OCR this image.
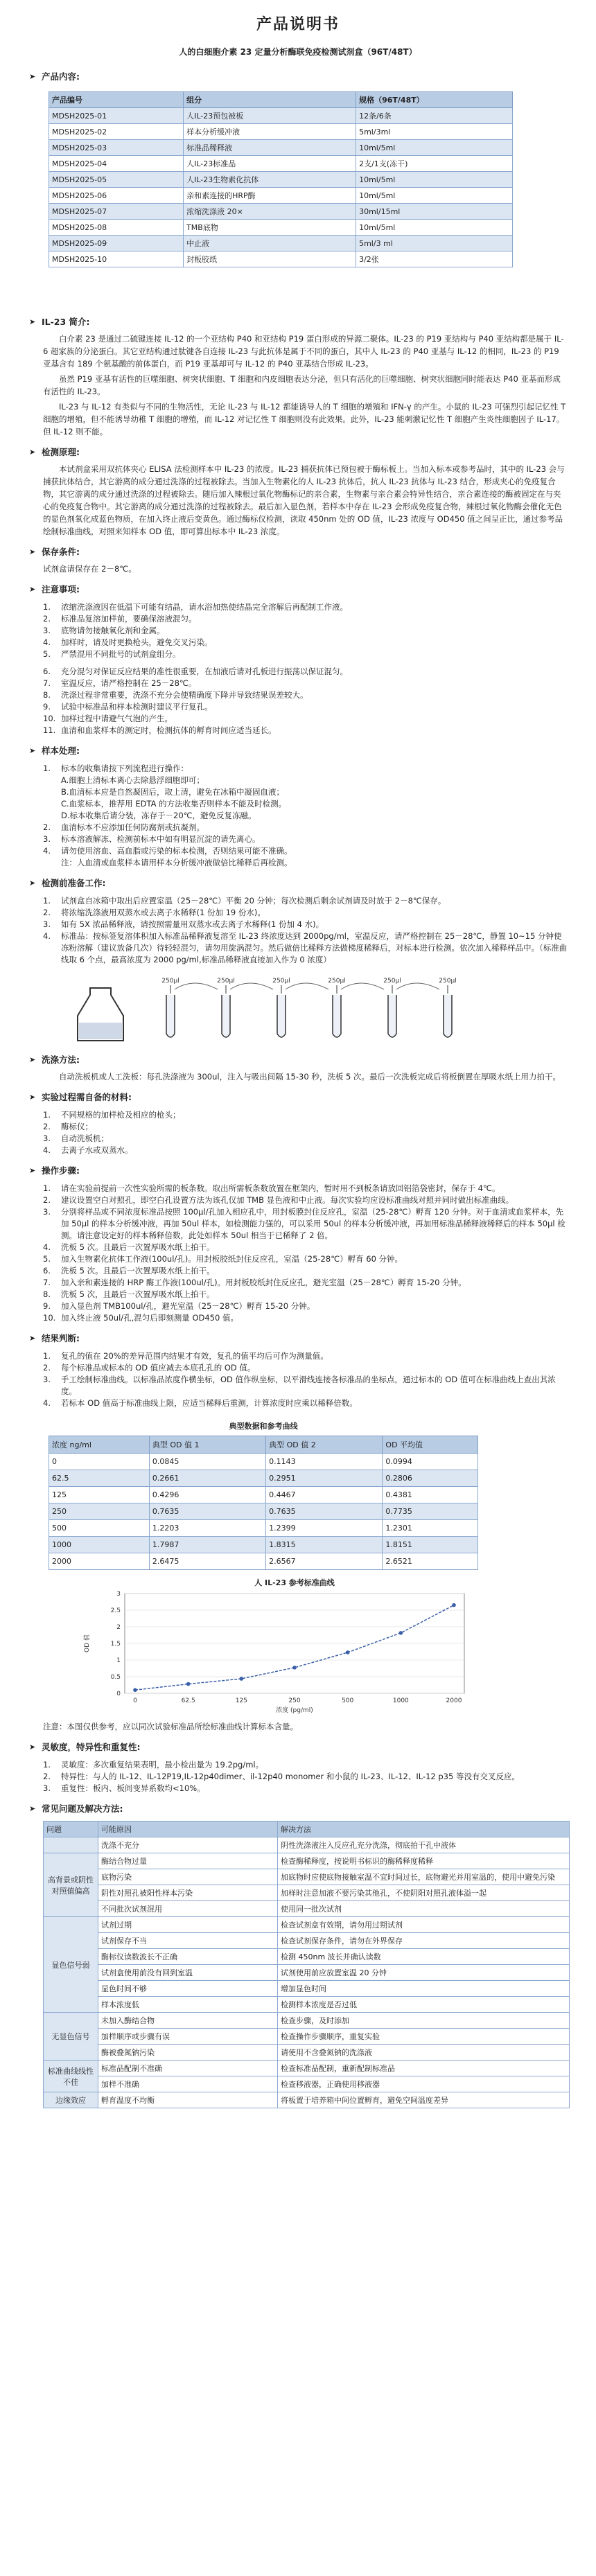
产品说明书
人的白细胞介素 23 定量分析酶联免疫检测试剂盒（96T/48T）
➤ 产品内容:
产品编号	组分	规格（96T/48T）
MDSH2025-01	人IL-23预包被板	12条/6条
MDSH2025-02	样本分析缓冲液	5ml/3ml
MDSH2025-03	标准品稀释液	10ml/5ml
MDSH2025-04	人IL-23标准品	2支/1支(冻干)
MDSH2025-05	人IL-23生物素化抗体	10ml/5ml
MDSH2025-06	亲和素连接的HRP酶	10ml/5ml
MDSH2025-07	浓缩洗涤液 20×	30ml/15ml
MDSH2025-08	TMB底物	10ml/5ml
MDSH2025-09	中止液	5ml/3 ml
MDSH2025-10	封板胶纸	3/2张
➤ IL-23 简介:

白介素 23 是通过二硫键连接 IL-12 的一个亚结构 P40 和亚结构 P19 蛋白形成的异源二聚体。IL-23 的 P19 亚结构与 P40 亚结构都是属于 IL-6 超家族的分泌蛋白。其它亚结构通过肽键各自连接 IL-23 与此抗体是属于不同的蛋白，其中人 IL-23 的 P40 亚基与 IL-12 的相同，IL-23 的 P19 亚基含有 189 个氨基酸的前体蛋白，而 P19 亚基却可与 IL-12 的 P40 亚基结合形成 IL-23。

虽然 P19 亚基有活性的巨噬细胞、树突状细胞、T 细胞和内皮细胞表达分泌，但只有活化的巨噬细胞、树突状细胞同时能表达 P40 亚基而形成有活性的 IL-23。

IL-23 与 IL-12 有类似与不同的生物活性，无论 IL-23 与 IL-12 都能诱导人的 T 细胞的增殖和 IFN-γ 的产生。小鼠的 IL-23 可强烈引起记忆性 T 细胞的增殖，但不能诱导幼稚 T 细胞的增殖，而 IL-12 对记忆性 T 细胞则没有此效果。此外，IL-23 能刺激记忆性 T 细胞产生炎性细胞因子 IL-17。但 IL-12 则不能。

➤ 检测原理:

本试剂盒采用双抗体夹心 ELISA 法检测样本中 IL-23 的浓度。IL-23 捕获抗体已预包被于酶标板上。当加入标本或参考品时，其中的 IL-23 会与捕获抗体结合，其它游离的成分通过洗涤的过程被除去。当加入生物素化的人 IL-23 抗体后，抗人 IL-23 抗体与 IL-23 结合，形成夹心的免疫复合物，其它游离的成分通过洗涤的过程被除去。随后加入辣根过氧化物酶标记的亲合素，生物素与亲合素会特异性结合，亲合素连接的酶被固定在与夹心的免疫复合物中。其它游离的成分通过洗涤的过程被除去。最后加入显色剂，若样本中存在 IL-23 会形成免疫复合物，辣根过氧化物酶会催化无色的显色剂氧化成蓝色物质，在加入终止液后变黄色。通过酶标仪检测，读取 450nm 处的 OD 值，IL-23 浓度与 OD450 值之间呈正比，通过参考品绘制标准曲线，对照来知样本 OD 值，即可算出标本中 IL-23 浓度。

➤ 保存条件:

试剂盒请保存在 2－8℃。

➤ 注意事项:
1.	浓缩洗涤液因在低温下可能有结晶，请水浴加热使结晶完全溶解后再配制工作液。
2.	标准品复溶加样前，要确保溶液混匀。
3.	底物请勿接触氧化剂和金属。
4.	加样时，请及时更换枪头，避免交叉污染。
5.	严禁混用不同批号的试剂盒组分。
6.	充分混匀对保证反应结果的准性很重要，在加液后请对孔板进行振荡以保证混匀。
7.	室温反应，请严格控制在 25－28℃。
8.	洗涤过程非常重要，洗涤不充分会使精确度下降并导致结果误差较大。
9.	试验中标准品和样本检测时建议平行复孔。
10. 加样过程中请避气气泡的产生。
11. 血清和血浆样本的测定时，检测抗体的孵育时间应适当延长。
➤ 样本处理:
1.	标本的收集请按下列流程进行操作：
A.细胞上清标本离心去除悬浮细胞即可；
B.血清标本应是自然凝固后，取上清，避免在冰箱中凝固血液；
C.血浆标本，推荐用 EDTA 的方法收集否则样本不能及时检测。
D.标本收集后请分装，冻存于－20℃，避免反复冻融。
2.	血清标本不应添加任何防腐剂或抗凝剂。
3.	标本溶液解冻、检测前标本中如有明显沉淀的请先离心。
4.	请勿使用溶血、高血脂或污染的标本检测，否则结果可能不准确。
注：人血清或血浆样本请用样本分析缓冲液做倍比稀释后再检测。
➤ 检测前准备工作:
1.	试剂盒自冰箱中取出后应置室温（25－28℃）平衡 20 分钟；每次检测后剩余试剂请及时放于 2－8℃保存。
2.	将浓缩洗涤液用双蒸水或去离子水稀释(1 份加 19 份水)。
3.	如有 5X 浓品稀释液，请按照需量用双蒸水或去离子水稀释(1 份加 4 水)。
4.	标准品：按标签复溶体积加入标准品稀释液复溶至 IL-23 终浓度达到 2000pg/ml，室温反应，请严格控制在 25－28℃，静置 10~15 分钟使冻粉溶解（建议放备几次）待轻轻混匀，请勿用旋涡混匀。然后做倍比稀释方法做梯度稀释后，对标本进行检测。依次加入稀释样品中。（标准曲线取 6 个点，最高浓度为 2000 pg/ml,标准品稀释液直接加入作为 0 浓度）
250µl	250µl	250µl	250µl	250µl	250µl
➤ 洗涤方法:

自动洗板机或人工洗板：每孔洗涤液为 300ul，注入与吸出间隔 15-30 秒，洗板 5 次。最后一次洗板完成后将板倒置在厚吸水纸上用力拍干。

➤ 实验过程需自备的材料:
1.	不同规格的加样枪及相应的枪头；
2.	酶标仪；
3.	自动洗板机；
4.	去离子水或双蒸水。
➤ 操作步骤:
1.	请在实验前提前一次性实验所需的板条数。取出所需板条数放置在框架内，暂时用不到板条请放回铝箔袋密封，保存于 4℃。
2.	建议设置空白对照孔，即空白孔设置方法为该孔仅加 TMB 显色液和中止液。每次实验均应设标准曲线对照并同时做出标准曲线。
3.	分别将样品或不同浓度标准品按照 100µl/孔加入相应孔中，用封板膜封住反应孔，室温（25-28℃）孵育 120 分钟。对于血清或血浆样本，先加 50µl 的样本分析缓冲液，再加 50ul 样本，如检测能力强的，可以采用 50ul 的样本分析缓冲液，再加用标准品稀释液稀释后的样本 50µl 检测。请注意设定好的样本稀释倍数，此处如样本 50ul 相当于已稀释了 2 倍。
4.	洗板 5 次。且最后一次置厚吸水纸上拍干。
5.	加入生物素化抗体工作液(100ul/孔)。用封板胶纸封住反应孔，室温（25-28℃）孵育 60 分钟。
6.	洗板 5 次。且最后一次置厚吸水纸上拍干。
7.	加入亲和素连接的 HRP 酶工作液(100ul/孔)。用封板胶纸封住反应孔，避光室温（25－28℃）孵育 15-20 分钟。
8.	洗板 5 次，且最后一次置厚吸水纸上拍干。
9.	加入显色剂 TMB100ul/孔，避光室温（25－28℃）孵育 15-20 分钟。
10. 加入终止液 50ul/孔,混匀后即刻测量 OD450 值。
➤ 结果判断:
1.	复孔的值在 20%的差异范围内结果才有效，复孔的值平均后可作为测量值。
2.	每个标准品或标本的 OD 值应减去本底孔孔的 OD 值。
3.	手工绘制标准曲线。以标准品浓度作横坐标，OD 值作纵坐标，以平滑线连接各标准品的坐标点，通过标本的 OD 值可在标准曲线上查出其浓度。
4.	若标本 OD 值高于标准曲线上限，应适当稀释后重测，计算浓度时应乘以稀释倍数。
典型数据和参考曲线
浓度 ng/ml	典型 OD 值 1	典型 OD 值 2	OD 平均值
0	0.0845	0.1143	0.0994
62.5	0.2661	0.2951	0.2806
125	0.4296	0.4467	0.4381
250	0.7635	0.7635	0.7735
500	1.2203	1.2399	1.2301
1000	1.7987	1.8315	1.8151
2000	2.6475	2.6567	2.6521
人 IL-23 参考标准曲线
0
0.5
1
1.5
2
2.5
3
0	62.5	125	250	500	1000	2000
浓度 (pg/ml)
OD 值

注意：本图仅供参考，应以同次试验标准品所绘标准曲线计算标本含量。

➤ 灵敏度，特异性和重复性:
1.	灵敏度：多次重复结果表明，最小检出量为 19.2pg/ml。
2.	特异性：与人的 IL-12、IL-12P19,IL-12p40dimer、il-12p40 monomer 和小鼠的 IL-23、IL-12、IL-12 p35 等没有交叉反应。
3.	重复性：板内、板间变异系数均<10%。
➤ 常见问题及解决方法:
问题	可能原因	解决方法
	洗涤不充分	阴性洗涤液注入反应孔充分洗涤，彻底拍干孔中液体
高背景或阴性对照值偏高	酶结合物过量	检查酶稀释度，按说明书标识的酶稀释度稀释
	底物污染	加底物时应使底物接触室温不宜时间过长，底物避光并用室温的，使用中避免污染
	阴性对照孔被阳性样本污染	加样时注意加液不要污染其他孔，不使阴阳对照孔液体溢一起
	不同批次试剂混用	使用同一批次试剂
显色信号弱	试剂过期	检查试剂盒有效期，请勿用过期试剂
	试剂保存不当	检查试剂保存条件，请勿在外界保存
	酶标仪读数波长不正确	检测 450nm 波长并确认读数
	试剂盒使用前没有回到室温	试剂使用前应放置室温 20 分钟
	显色时间不够	增加显色时间
	样本浓度低	检测样本浓度是否过低
无显色信号	未加入酶结合物	检查步骤，及时添加
	加样顺序或步骤有误	检查操作步骤顺序，重复实验
	酶被叠氮钠污染	请使用不含叠氮钠的洗涤液
标准曲线线性不佳	标准品配制不准确	检查标准品配制，重新配制标准品
	加样不准确	检查移液器，正确使用移液器
边缘效应	孵育温度不均衡	将板置于培养箱中间位置孵育，避免空间温度差异
